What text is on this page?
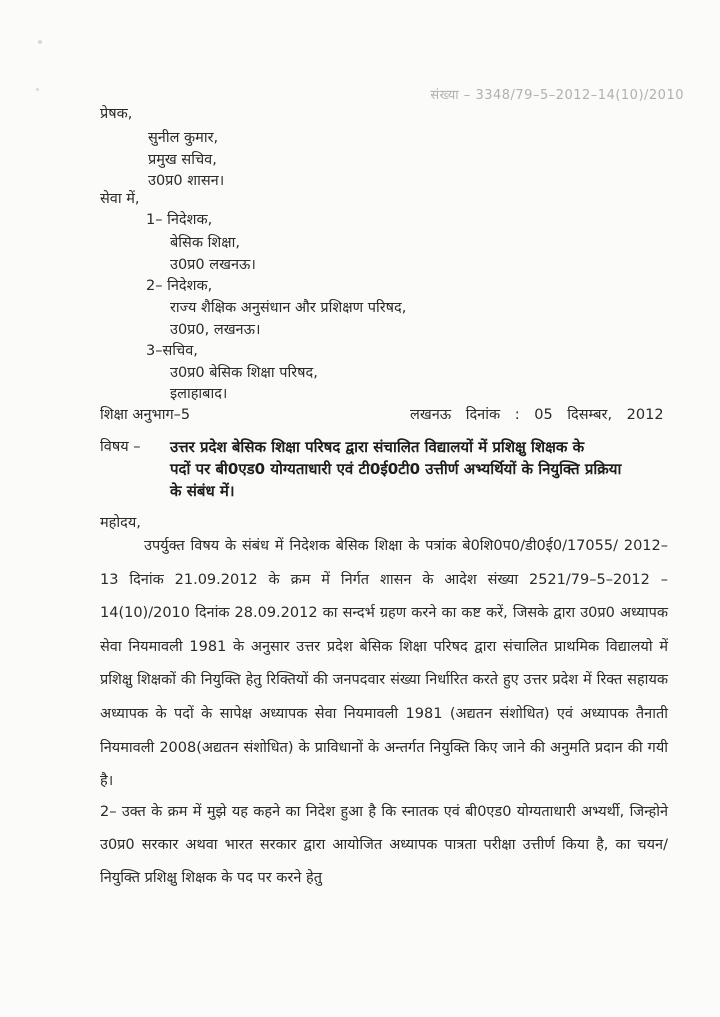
संख्या – 3348/79–5–2012–14(10)/2010
प्रेषक,
सुनील कुमार,
प्रमुख सचिव,
उ0प्र0 शासन।
सेवा में,
1– निदेशक,
बेसिक शिक्षा,
उ0प्र0 लखनऊ।
2– निदेशक,
राज्य शैक्षिक अनुसंधान और प्रशिक्षण परिषद,
उ0प्र0, लखनऊ।
3–सचिव,
उ0प्र0 बेसिक शिक्षा परिषद,
इलाहाबाद।
शिक्षा अनुभाग–5	लखनऊ दिनांक : 05 दिसम्बर, 2012
विषय – उत्तर प्रदेश बेसिक शिक्षा परिषद द्वारा संचालित विद्यालयों में प्रशिक्षु शिक्षक के
पदों पर बी0एड0 योग्यताधारी एवं टी0ई0टी0 उत्तीर्ण अभ्यर्थियों के नियुक्ति प्रक्रिया
के संबंध में।
महोदय,
उपर्युक्त विषय के संबंध में निदेशक बेसिक शिक्षा के पत्रांक बे0शि0प0/डी0ई0/17055/ 2012–13 दिनांक 21.09.2012 के क्रम में निर्गत शासन के आदेश संख्या 2521/79–5–2012 –14(10)/2010 दिनांक 28.09.2012 का सन्दर्भ ग्रहण करने का कष्ट करें, जिसके द्वारा उ0प्र0 अध्यापक सेवा नियमावली 1981 के अनुसार उत्तर प्रदेश बेसिक शिक्षा परिषद द्वारा संचालित प्राथमिक विद्यालयो में प्रशिक्षु शिक्षकों की नियुक्ति हेतु रिक्तियों की जनपदवार संख्या निर्धारित करते हुए उत्तर प्रदेश में रिक्त सहायक अध्यापक के पदों के सापेक्ष अध्यापक सेवा नियमावली 1981 (अद्यतन संशोधित) एवं अध्यापक तैनाती नियमावली 2008(अद्यतन संशोधित) के प्राविधानों के अन्तर्गत नियुक्ति किए जाने की अनुमति प्रदान की गयी है।
2– उक्त के क्रम में मुझे यह कहने का निदेश हुआ है कि स्नातक एवं बी0एड0 योग्यताधारी अभ्यर्थी, जिन्होने उ0प्र0 सरकार अथवा भारत सरकार द्वारा आयोजित अध्यापक पात्रता परीक्षा उत्तीर्ण किया है, का चयन/नियुक्ति प्रशिक्षु शिक्षक के पद पर करने हेतु
